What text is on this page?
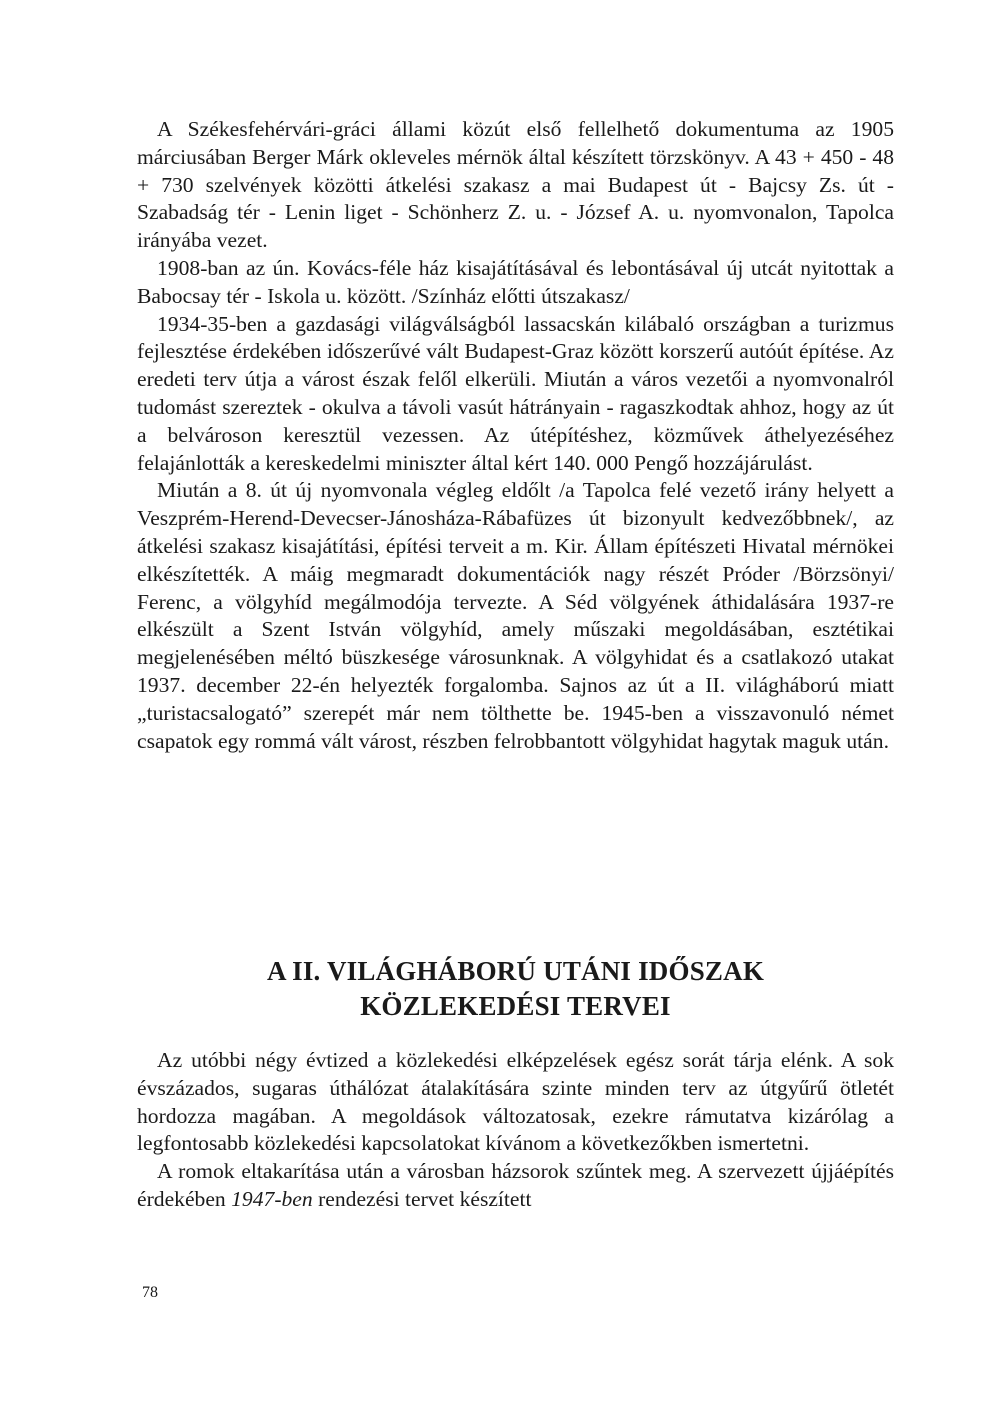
A Székesfehérvári-gráci állami közút első fellelhető dokumentuma az 1905 márciusában Berger Márk okleveles mérnök által készített törzskönyv. A 43 + 450 - 48 + 730 szelvények közötti átkelési szakasz a mai Budapest út - Bajcsy Zs. út - Szabadság tér - Lenin liget - Schönherz Z. u. - József A. u. nyomvonalon, Tapolca irányába vezet.

1908-ban az ún. Kovács-féle ház kisajátításával és lebontásával új utcát nyitottak a Babocsay tér - Iskola u. között. /Színház előtti útszakasz/

1934-35-ben a gazdasági világválságból lassacskán kilábaló országban a turizmus fejlesztése érdekében időszerűvé vált Budapest-Graz között korszerű autóút építése. Az eredeti terv útja a várost észak felől elkerüli. Miután a város vezetői a nyomvonalról tudomást szereztek - okulva a távoli vasút hátrányain - ragaszkodtak ahhoz, hogy az út a belvároson keresztül vezessen. Az útépítéshez, közművek áthelyezéséhez felajánlották a kereskedelmi miniszter által kért 140. 000 Pengő hozzájárulást.

Miután a 8. út új nyomvonala végleg eldőlt /a Tapolca felé vezető irány helyett a Veszprém-Herend-Devecser-Jánosháza-Rábafüzes út bizonyult kedvezőbbnek/, az átkelési szakasz kisajátítási, építési terveit a m. Kir. Állam építészeti Hivatal mérnökei elkészítették. A máig megmaradt dokumentációk nagy részét Próder /Börzsönyi/ Ferenc, a völgyhíd megálmodója tervezte. A Séd völgyének áthidalására 1937-re elkészült a Szent István völgyhíd, amely műszaki megoldásában, esztétikai megjelenésében méltó büszkesége városunknak. A völgyhidat és a csatlakozó utakat 1937. december 22-én helyezték forgalomba. Sajnos az út a II. világháború miatt „turistacsalogató” szerepét már nem tölthette be. 1945-ben a visszavonuló német csapatok egy rommá vált várost, részben felrobbantott völgyhidat hagytak maguk után.

A II. VILÁGHÁBORÚ UTÁNI IDŐSZAK
KÖZLEKEDÉSI TERVEI

Az utóbbi négy évtized a közlekedési elképzelések egész sorát tárja elénk. A sok évszázados, sugaras úthálózat átalakítására szinte minden terv az útgyűrű ötletét hordozza magában. A megoldások változatosak, ezekre rámutatva kizárólag a legfontosabb közlekedési kapcsolatokat kívánom a következőkben ismertetni.

A romok eltakarítása után a városban házsorok szűntek meg. A szervezett újjáépítés érdekében 1947-ben rendezési tervet készített

78
